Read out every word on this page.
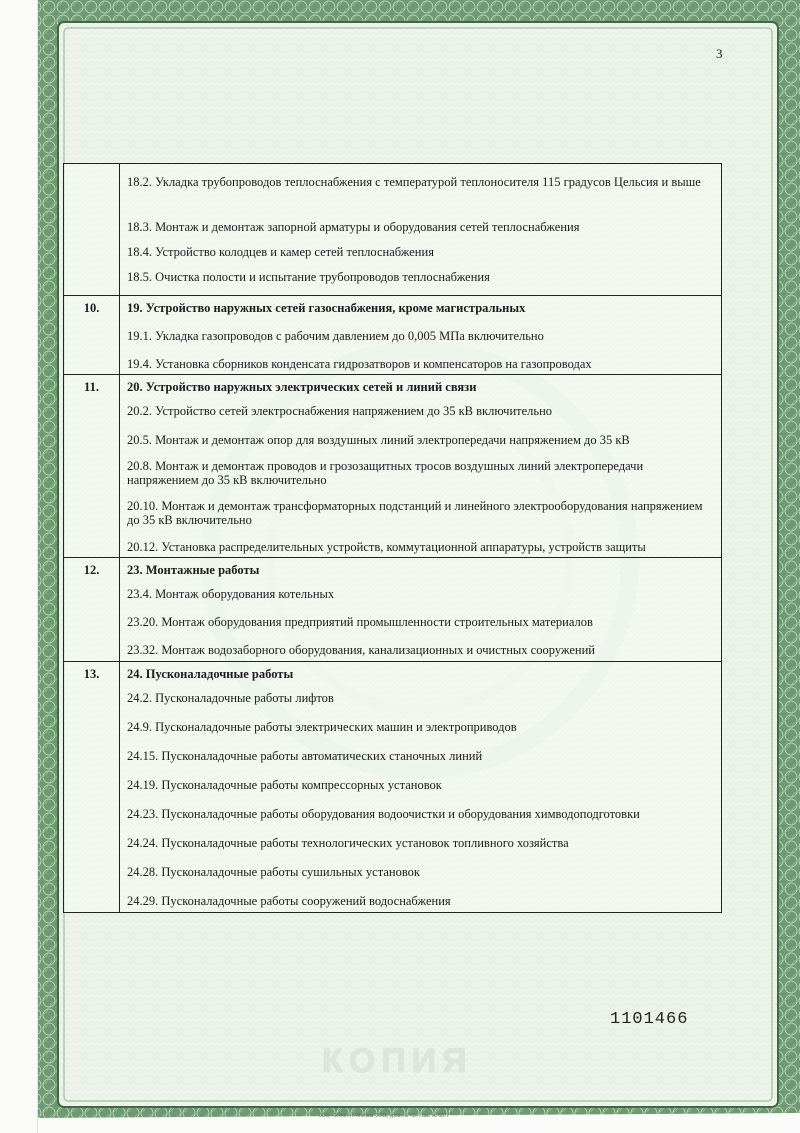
3
18.2. Укладка трубопроводов теплоснабжения с температурой теплоносителя 115 градусов Цельсия и выше
18.3. Монтаж и демонтаж запорной арматуры и оборудования сетей теплоснабжения
18.4. Устройство колодцев и камер сетей теплоснабжения
18.5. Очистка полости и испытание трубопроводов теплоснабжения
10.	19. Устройство наружных сетей газоснабжения, кроме магистральных
19.1. Укладка газопроводов с рабочим давлением до 0,005 МПа включительно
19.4. Установка сборников конденсата гидрозатворов и компенсаторов на газопроводах
11.	20. Устройство наружных электрических сетей и линий связи
20.2. Устройство сетей электроснабжения напряжением до 35 кВ включительно
20.5. Монтаж и демонтаж опор для воздушных линий электропередачи напряжением до 35 кВ
20.8. Монтаж и демонтаж проводов и грозозащитных тросов воздушных линий электропередачи напряжением до 35 кВ включительно
20.10. Монтаж и демонтаж трансформаторных подстанций и линейного электрооборудования напряжением до 35 кВ включительно
20.12. Установка распределительных устройств, коммутационной аппаратуры, устройств защиты
12.	23. Монтажные работы
23.4. Монтаж оборудования котельных
23.20. Монтаж оборудования предприятий промышленности строительных материалов
23.32. Монтаж водозаборного оборудования, канализационных и очистных сооружений
13.	24. Пусконаладочные работы
24.2. Пусконаладочные работы лифтов
24.9. Пусконаладочные работы электрических машин и электроприводов
24.15. Пусконаладочные работы автоматических станочных линий
24.19. Пусконаладочные работы компрессорных установок
24.23. Пусконаладочные работы оборудования водоочистки и оборудования химводоподготовки
24.24. Пусконаладочные работы технологических установок топливного хозяйства
24.28. Пусконаладочные работы сушильных установок
24.29. Пусконаладочные работы сооружений водоснабжения
1101466
КОПИЯ
ООО «ЗНАК», г. Москва, 2011, уровень «Б», зак. № 6577
